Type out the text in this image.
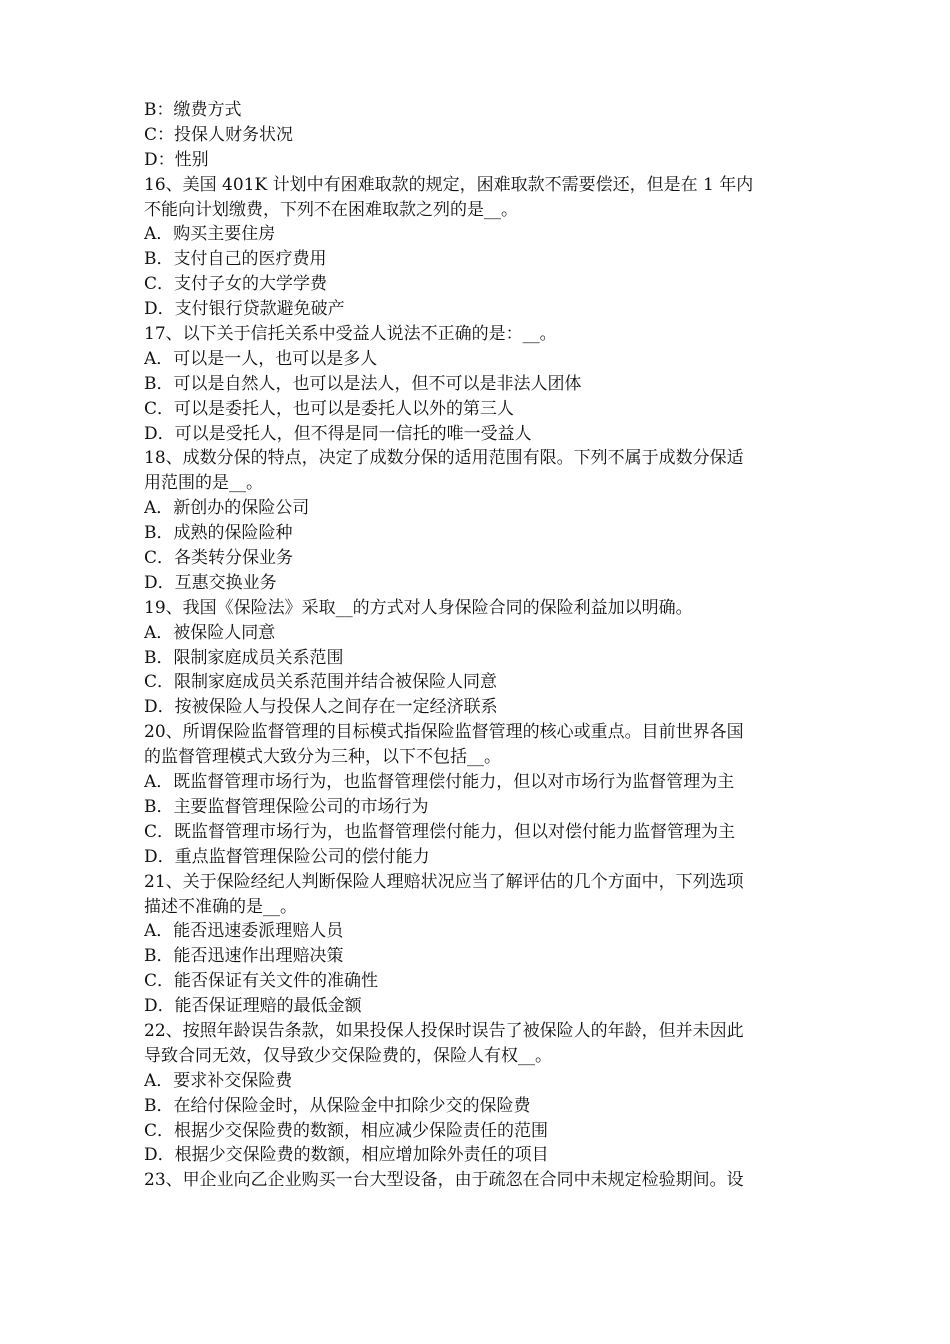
B：缴费方式
C：投保人财务状况
D：性别
16、美国 401K 计划中有困难取款的规定，困难取款不需要偿还，但是在 1 年内
不能向计划缴费，下列不在困难取款之列的是__。
A．购买主要住房
B．支付自己的医疗费用
C．支付子女的大学学费
D．支付银行贷款避免破产
17、以下关于信托关系中受益人说法不正确的是：__。
A．可以是一人，也可以是多人
B．可以是自然人，也可以是法人，但不可以是非法人团体
C．可以是委托人，也可以是委托人以外的第三人
D．可以是受托人，但不得是同一信托的唯一受益人
18、成数分保的特点，决定了成数分保的适用范围有限。下列不属于成数分保适
用范围的是__。
A．新创办的保险公司
B．成熟的保险险种
C．各类转分保业务
D．互惠交换业务
19、我国《保险法》采取__的方式对人身保险合同的保险利益加以明确。
A．被保险人同意
B．限制家庭成员关系范围
C．限制家庭成员关系范围并结合被保险人同意
D．按被保险人与投保人之间存在一定经济联系
20、所谓保险监督管理的目标模式指保险监督管理的核心或重点。目前世界各国
的监督管理模式大致分为三种，以下不包括__。
A．既监督管理市场行为，也监督管理偿付能力，但以对市场行为监督管理为主
B．主要监督管理保险公司的市场行为
C．既监督管理市场行为，也监督管理偿付能力，但以对偿付能力监督管理为主
D．重点监督管理保险公司的偿付能力
21、关于保险经纪人判断保险人理赔状况应当了解评估的几个方面中，下列选项
描述不准确的是__。
A．能否迅速委派理赔人员
B．能否迅速作出理赔决策
C．能否保证有关文件的准确性
D．能否保证理赔的最低金额
22、按照年龄误告条款，如果投保人投保时误告了被保险人的年龄，但并未因此
导致合同无效，仅导致少交保险费的，保险人有权__。
A．要求补交保险费
B．在给付保险金时，从保险金中扣除少交的保险费
C．根据少交保险费的数额，相应减少保险责任的范围
D．根据少交保险费的数额，相应增加除外责任的项目
23、甲企业向乙企业购买一台大型设备，由于疏忽在合同中未规定检验期间。设
